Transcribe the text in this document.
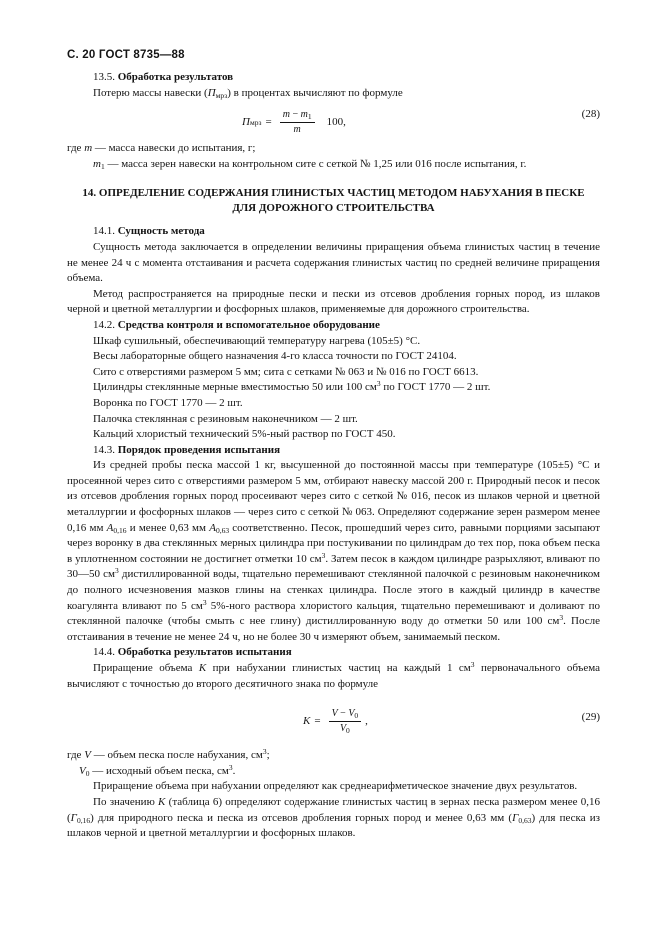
С. 20 ГОСТ 8735—88

13.5. Обработка результатов

Потерю массы навески $(П_{мрз})$ в процентах вычисляют по формуле

П мрз = $\frac{m - m_1}{m} 100$,
(28)

где m — масса навески до испытания, г;

$m_1$ — масса зерен навески на контрольном сите с сеткой № 1,25 или 016 после испытания, г.

14. ОПРЕДЕЛЕНИЕ СОДЕРЖАНИЯ ГЛИНИСТЫХ ЧАСТИЦ МЕТОДОМ НАБУХАНИЯ В ПЕСКЕ ДЛЯ ДОРОЖНОГО СТРОИТЕЛЬСТВА

14.1. Сущность метода

Сущность метода заключается в определении величины приращения объема глинистых частиц в течение не менее 24 ч с момента отстаивания и расчета содержания глинистых частиц по средней величине приращения объема.

Метод распространяется на природные пески и пески из отсевов дробления горных пород, из шлаков черной и цветной металлургии и фосфорных шлаков, применяемые для дорожного строительства.

14.2. Средства контроля и вспомогательное оборудование

Шкаф сушильный, обеспечивающий температуру нагрева (105±5) °С.

Весы лабораторные общего назначения 4-го класса точности по ГОСТ 24104.

Сито с отверстиями размером 5 мм; сита с сетками № 063 и № 016 по ГОСТ 6613.

Цилиндры стеклянные мерные вместимостью 50 или 100 $см^3$ по ГОСТ 1770 — 2 шт.

Воронка по ГОСТ 1770 — 2 шт.

Палочка стеклянная с резиновым наконечником — 2 шт.

Кальций хлористый технический 5%-ный раствор по ГОСТ 450.

14.3. Порядок проведения испытания

Из средней пробы песка массой 1 кг, высушенной до постоянной массы при температуре (105±5) °С и просеянной через сито с отверстиями размером 5 мм, отбирают навеску массой 200 г. Природный песок и песок из отсевов дробления горных пород просеивают через сито с сеткой № 016, песок из шлаков черной и цветной металлургии и фосфорных шлаков — через сито с сеткой № 063. Определяют содержание зерен размером менее 0,16 мм $А_{0,16}$ и менее 0,63 мм $А_{0,63}$ соответственно. Песок, прошедший через сито, равными порциями засыпают через воронку в два стеклянных мерных цилиндра при постукивании по цилиндрам до тех пор, пока объем песка в уплотненном состоянии не достигнет отметки 10 $см^3$. Затем песок в каждом цилиндре разрыхляют, вливают по 30—50 $см^3$ дистиллированной воды, тщательно перемешивают стеклянной палочкой с резиновым наконечником до полного исчезновения мазков глины на стенках цилиндра. После этого в каждый цилиндр в качестве коагулянта вливают по 5 $см^3$ 5%-ного раствора хлористого кальция, тщательно перемешивают и доливают по стеклянной палочке (чтобы смыть с нее глину) дистиллированную воду до отметки 50 или 100 $см^3$. После отстаивания в течение не менее 24 ч, но не более 30 ч измеряют объем, занимаемый песком.

14.4. Обработка результатов испытания

Приращение объема K при набухании глинистых частиц на каждый 1 $см^3$ первоначального объема вычисляют с точностью до второго десятичного знака по формуле

$K = \frac{V - V_0}{V_0}$ ,	(29)

где V — объем песка после набухания, $см^3$;

$V_0$ — исходный объем песка, $см^3$.

Приращение объема при набухании определяют как среднеарифметическое значение двух результатов.

По значению K (таблица 6) определяют содержание глинистых частиц в зернах песка размером менее 0,16 $(Г_{0,16})$ для природного песка и песка из отсевов дробления горных пород и менее 0,63 мм $(Г_{0,63})$ для песка из шлаков черной и цветной металлургии и фосфорных шлаков.
